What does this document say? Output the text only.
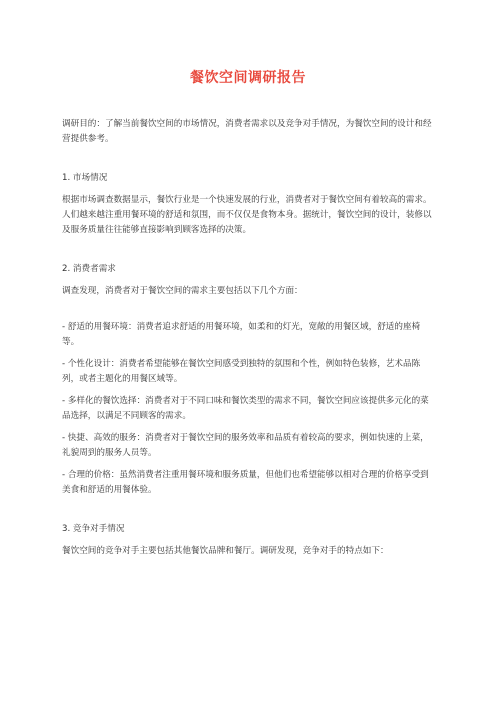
餐饮空间调研报告

调研目的：了解当前餐饮空间的市场情况，消费者需求以及竞争对手情况，为餐饮空间的设计和经营提供参考。

1. 市场情况

根据市场调查数据显示，餐饮行业是一个快速发展的行业，消费者对于餐饮空间有着较高的需求。人们越来越注重用餐环境的舒适和氛围，而不仅仅是食物本身。据统计，餐饮空间的设计，装修以及服务质量往往能够直接影响到顾客选择的决策。

2. 消费者需求

调查发现，消费者对于餐饮空间的需求主要包括以下几个方面：

- 舒适的用餐环境：消费者追求舒适的用餐环境，如柔和的灯光，宽敞的用餐区域，舒适的座椅等。

- 个性化设计：消费者希望能够在餐饮空间感受到独特的氛围和个性，例如特色装修，艺术品陈列，或者主题化的用餐区域等。

- 多样化的餐饮选择：消费者对于不同口味和餐饮类型的需求不同，餐饮空间应该提供多元化的菜品选择，以满足不同顾客的需求。

- 快捷、高效的服务：消费者对于餐饮空间的服务效率和品质有着较高的要求，例如快速的上菜，礼貌周到的服务人员等。

- 合理的价格：虽然消费者注重用餐环境和服务质量，但他们也希望能够以相对合理的价格享受到美食和舒适的用餐体验。

3. 竞争对手情况

餐饮空间的竞争对手主要包括其他餐饮品牌和餐厅。调研发现，竞争对手的特点如下：
